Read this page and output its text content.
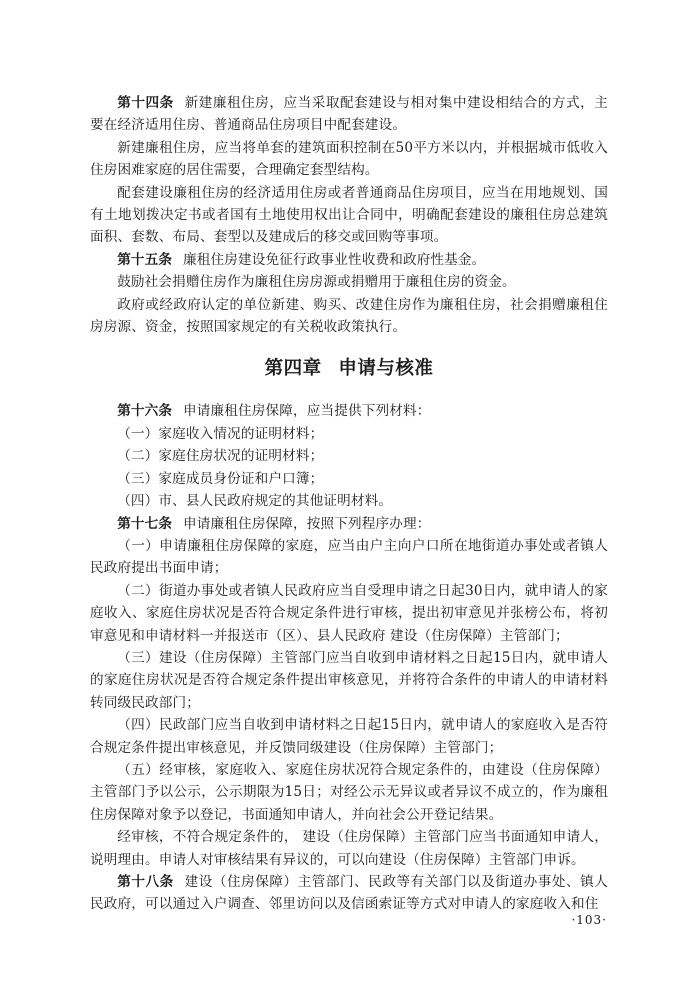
第十四条 新建廉租住房，应当采取配套建设与相对集中建设相结合的方式，主要在经济适用住房、普通商品住房项目中配套建设。

新建廉租住房，应当将单套的建筑面积控制在50平方米以内，并根据城市低收入住房困难家庭的居住需要，合理确定套型结构。

配套建设廉租住房的经济适用住房或者普通商品住房项目，应当在用地规划、国有土地划拨决定书或者国有土地使用权出让合同中，明确配套建设的廉租住房总建筑面积、套数、布局、套型以及建成后的移交或回购等事项。

第十五条 廉租住房建设免征行政事业性收费和政府性基金。

鼓励社会捐赠住房作为廉租住房房源或捐赠用于廉租住房的资金。

政府或经政府认定的单位新建、购买、改建住房作为廉租住房，社会捐赠廉租住房房源、资金，按照国家规定的有关税收政策执行。

第四章 申请与核准

第十六条 申请廉租住房保障，应当提供下列材料：

（一）家庭收入情况的证明材料；

（二）家庭住房状况的证明材料；

（三）家庭成员身份证和户口簿；

（四）市、县人民政府规定的其他证明材料。

第十七条 申请廉租住房保障，按照下列程序办理：

（一）申请廉租住房保障的家庭，应当由户主向户口所在地街道办事处或者镇人民政府提出书面申请；

（二）街道办事处或者镇人民政府应当自受理申请之日起30日内，就申请人的家庭收入、家庭住房状况是否符合规定条件进行审核，提出初审意见并张榜公布，将初审意见和申请材料一并报送市（区）、县人民政府 建设（住房保障）主管部门；

（三）建设（住房保障）主管部门应当自收到申请材料之日起15日内，就申请人的家庭住房状况是否符合规定条件提出审核意见，并将符合条件的申请人的申请材料转同级民政部门；

（四）民政部门应当自收到申请材料之日起15日内，就申请人的家庭收入是否符合规定条件提出审核意见，并反馈同级建设（住房保障）主管部门；

（五）经审核，家庭收入、家庭住房状况符合规定条件的，由建设（住房保障）主管部门予以公示，公示期限为15日；对经公示无异议或者异议不成立的，作为廉租住房保障对象予以登记，书面通知申请人，并向社会公开登记结果。

经审核，不符合规定条件的， 建设（住房保障）主管部门应当书面通知申请人，说明理由。申请人对审核结果有异议的，可以向建设（住房保障）主管部门申诉。

第十八条 建设（住房保障）主管部门、民政等有关部门以及街道办事处、镇人民政府，可以通过入户调查、邻里访问以及信函索证等方式对申请人的家庭收入和住

·103·
